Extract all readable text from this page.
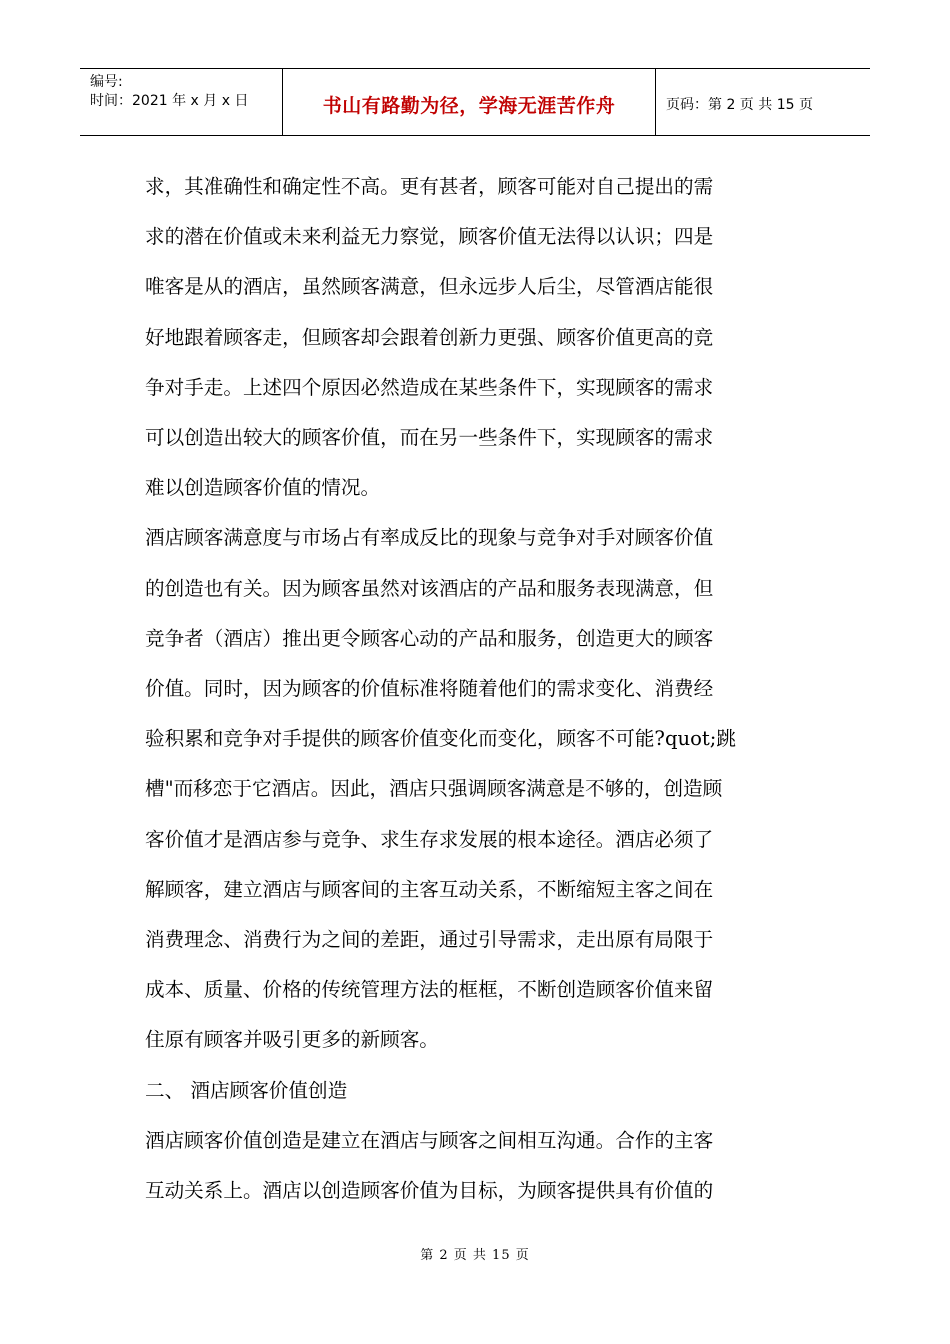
编号:
时间：2021 年 x 月 x 日	书山有路勤为径，学海无涯苦作舟	页码：第 2 页 共 15 页

求，其准确性和确定性不高。更有甚者，顾客可能对自己提出的需

求的潜在价值或未来利益无力察觉，顾客价值无法得以认识；四是

唯客是从的酒店，虽然顾客满意，但永远步人后尘，尽管酒店能很

好地跟着顾客走，但顾客却会跟着创新力更强、顾客价值更高的竞

争对手走。上述四个原因必然造成在某些条件下，实现顾客的需求

可以创造出较大的顾客价值，而在另一些条件下，实现顾客的需求

难以创造顾客价值的情况。

酒店顾客满意度与市场占有率成反比的现象与竞争对手对顾客价值

的创造也有关。因为顾客虽然对该酒店的产品和服务表现满意，但

竞争者（酒店）推出更令顾客心动的产品和服务，创造更大的顾客

价值。同时，因为顾客的价值标准将随着他们的需求变化、消费经

验积累和竞争对手提供的顾客价值变化而变化，顾客不可能?quot;跳

槽"而移恋于它酒店。因此，酒店只强调顾客满意是不够的，创造顾

客价值才是酒店参与竞争、求生存求发展的根本途径。酒店必须了

解顾客，建立酒店与顾客间的主客互动关系，不断缩短主客之间在

消费理念、消费行为之间的差距，通过引导需求，走出原有局限于

成本、质量、价格的传统管理方法的框框，不断创造顾客价值来留

住原有顾客并吸引更多的新顾客。

二、 酒店顾客价值创造

酒店顾客价值创造是建立在酒店与顾客之间相互沟通。合作的主客

互动关系上。酒店以创造顾客价值为目标，为顾客提供具有价值的

第 2 页 共 15 页
